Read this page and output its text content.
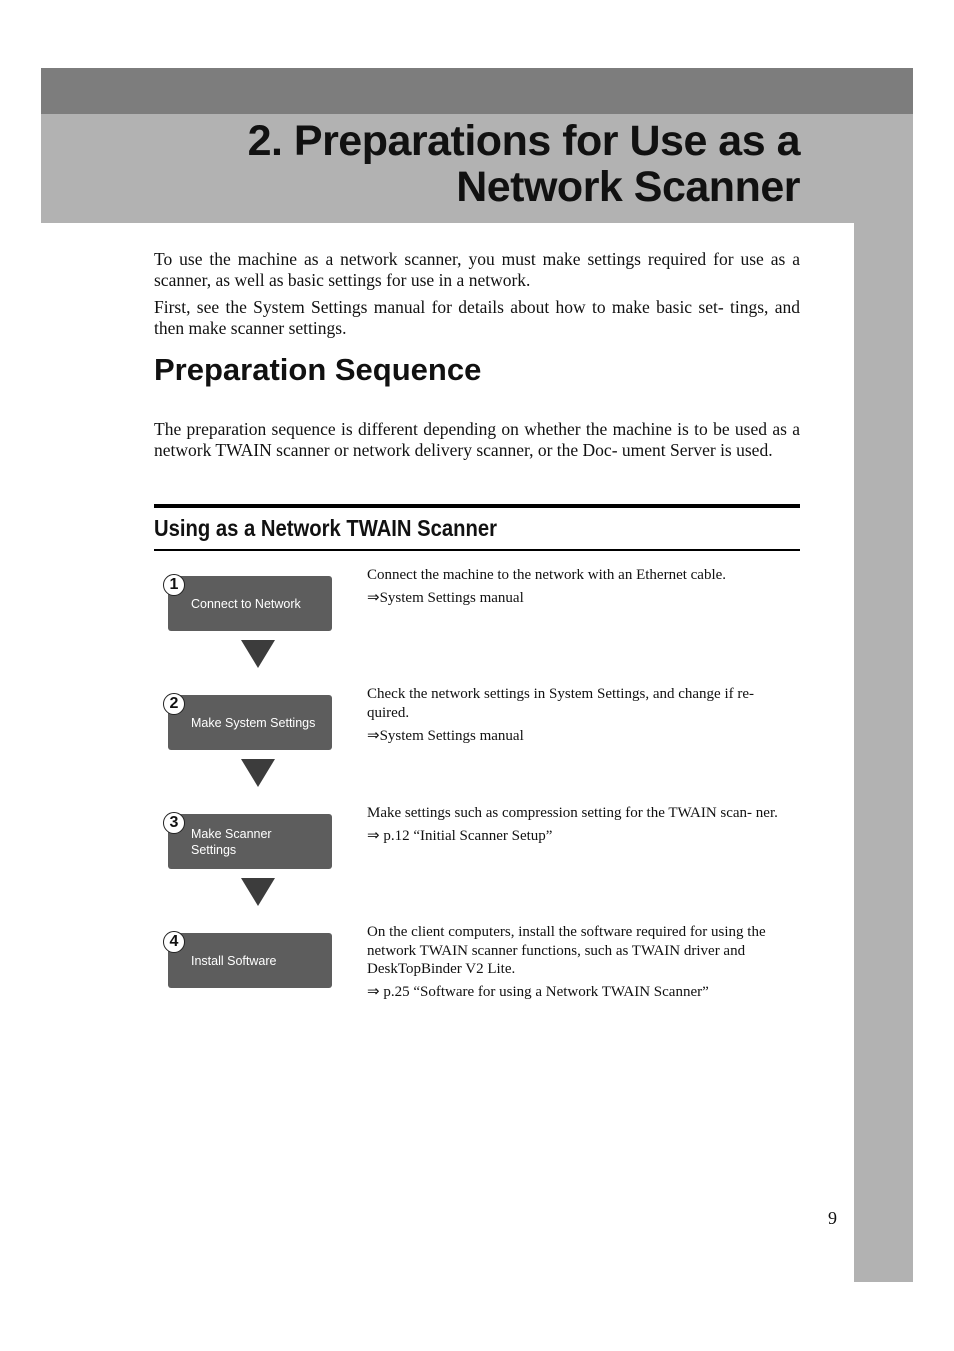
2. Preparations for Use as a
Network Scanner

To use the machine as a network scanner, you must make settings required for use as a scanner, as well as basic settings for use in a network.

First, see the System Settings manual for details about how to make basic set- tings, and then make scanner settings.

Preparation Sequence

The preparation sequence is different depending on whether the machine is to be used as a network TWAIN scanner or network delivery scanner, or the Doc- ument Server is used.

Using as a Network TWAIN Scanner
Connect to Network
1

Connect the machine to the network with an Ethernet cable.

⇒System Settings manual

Make System Settings
2

Check the network settings in System Settings, and change if re- quired.

⇒System Settings manual

Make Scanner Settings
3

Make settings such as compression setting for the TWAIN scan- ner.

⇒ p.12 “Initial Scanner Setup”

Install Software
4

On the client computers, install the software required for using the network TWAIN scanner functions, such as TWAIN driver and DeskTopBinder V2 Lite.

⇒ p.25 “Software for using a Network TWAIN Scanner”

9
